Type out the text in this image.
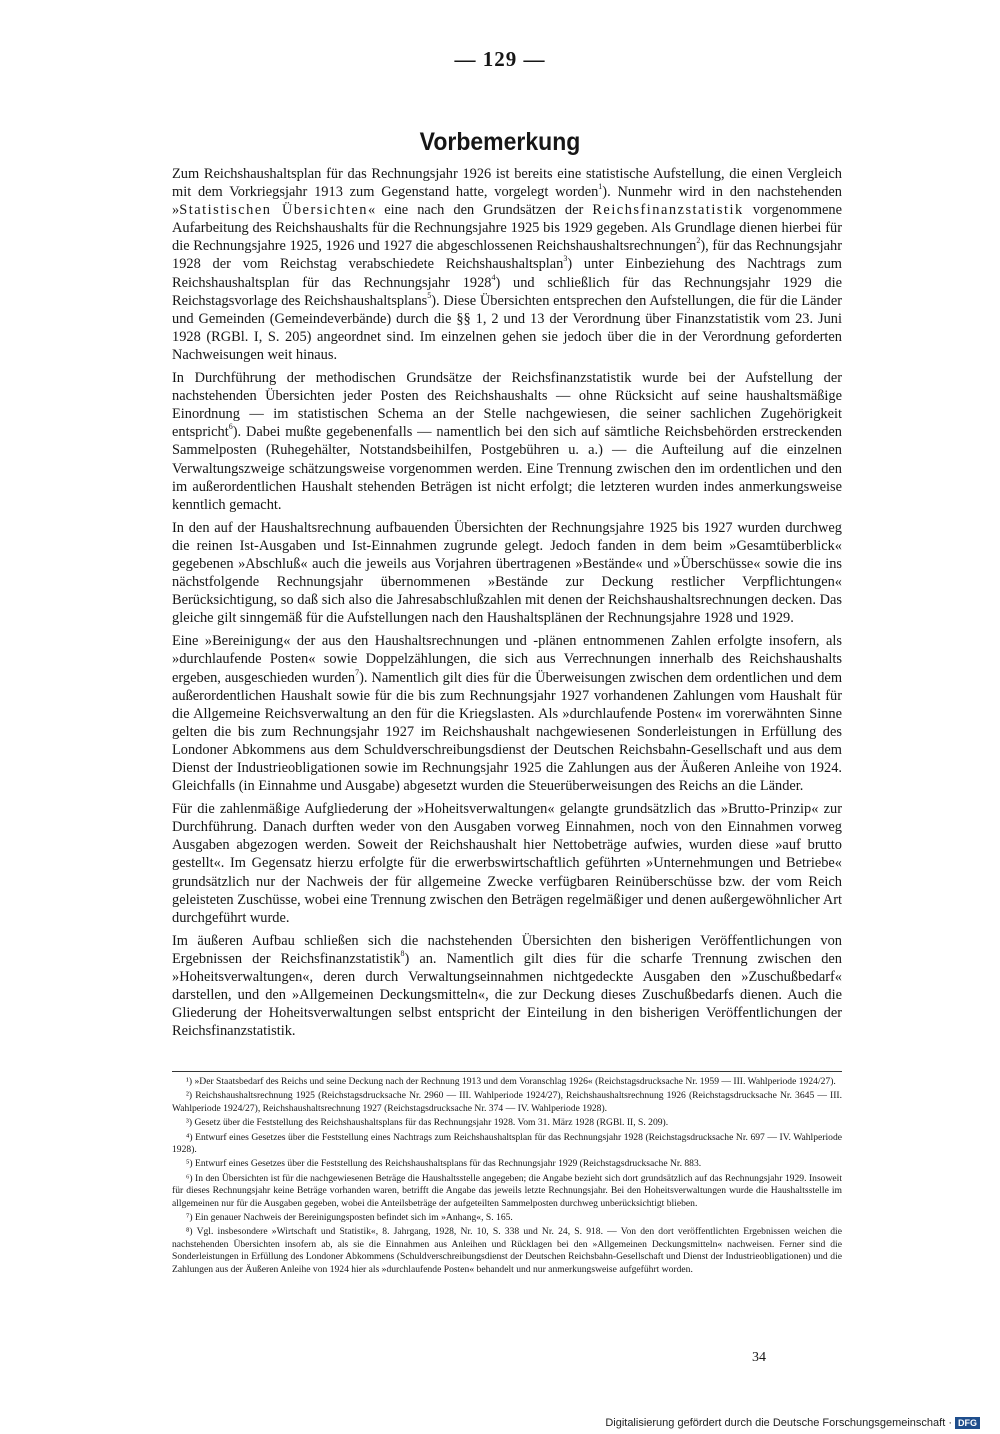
— 129 —
Vorbemerkung

Zum Reichshaushaltsplan für das Rechnungsjahr 1926 ist bereits eine statistische Aufstellung, die einen Vergleich mit dem Vorkriegsjahr 1913 zum Gegenstand hatte, vorgelegt worden$^1$). Nunmehr wird in den nachstehenden »Statistischen Übersichten« eine nach den Grundsätzen der Reichsfinanzstatistik vorgenommene Aufarbeitung des Reichshaushalts für die Rechnungsjahre 1925 bis 1929 gegeben. Als Grundlage dienen hierbei für die Rechnungsjahre 1925, 1926 und 1927 die abgeschlossenen Reichshaushaltsrechnungen$^2$), für das Rechnungsjahr 1928 der vom Reichstag verabschiedete Reichshaushaltsplan$^3$) unter Einbeziehung des Nachtrags zum Reichshaushaltsplan für das Rechnungsjahr 1928$^4$) und schließlich für das Rechnungsjahr 1929 die Reichstagsvorlage des Reichshaushaltsplans$^5$). Diese Übersichten entsprechen den Aufstellungen, die für die Länder und Gemeinden (Gemeindeverbände) durch die §§ 1, 2 und 13 der Verordnung über Finanzstatistik vom 23. Juni 1928 (RGBl. I, S. 205) angeordnet sind. Im einzelnen gehen sie jedoch über die in der Verordnung geforderten Nachweisungen weit hinaus.

In Durchführung der methodischen Grundsätze der Reichsfinanzstatistik wurde bei der Aufstellung der nachstehenden Übersichten jeder Posten des Reichshaushalts — ohne Rücksicht auf seine haushaltsmäßige Einordnung — im statistischen Schema an der Stelle nachgewiesen, die seiner sachlichen Zugehörigkeit entspricht$^6$). Dabei mußte gegebenenfalls — namentlich bei den sich auf sämtliche Reichsbehörden erstreckenden Sammelposten (Ruhegehälter, Notstandsbeihilfen, Postgebühren u. a.) — die Aufteilung auf die einzelnen Verwaltungszweige schätzungsweise vorgenommen werden. Eine Trennung zwischen den im ordentlichen und den im außerordentlichen Haushalt stehenden Beträgen ist nicht erfolgt; die letzteren wurden indes anmerkungsweise kenntlich gemacht.

In den auf der Haushaltsrechnung aufbauenden Übersichten der Rechnungsjahre 1925 bis 1927 wurden durchweg die reinen Ist-Ausgaben und Ist-Einnahmen zugrunde gelegt. Jedoch fanden in dem beim »Gesamtüberblick« gegebenen »Abschluß« auch die jeweils aus Vorjahren übertragenen »Bestände« und »Überschüsse« sowie die ins nächstfolgende Rechnungsjahr übernommenen »Bestände zur Deckung restlicher Verpflichtungen« Berücksichtigung, so daß sich also die Jahresabschlußzahlen mit denen der Reichshaushaltsrechnungen decken. Das gleiche gilt sinngemäß für die Aufstellungen nach den Haushaltsplänen der Rechnungsjahre 1928 und 1929.

Eine »Bereinigung« der aus den Haushaltsrechnungen und -plänen entnommenen Zahlen erfolgte insofern, als »durchlaufende Posten« sowie Doppelzählungen, die sich aus Verrechnungen innerhalb des Reichshaushalts ergeben, ausgeschieden wurden$^7$). Namentlich gilt dies für die Überweisungen zwischen dem ordentlichen und dem außerordentlichen Haushalt sowie für die bis zum Rechnungsjahr 1927 vorhandenen Zahlungen vom Haushalt für die Allgemeine Reichsverwaltung an den für die Kriegslasten. Als »durchlaufende Posten« im vorerwähnten Sinne gelten die bis zum Rechnungsjahr 1927 im Reichshaushalt nachgewiesenen Sonderleistungen in Erfüllung des Londoner Abkommens aus dem Schuldverschreibungsdienst der Deutschen Reichsbahn-Gesellschaft und aus dem Dienst der Industrieobligationen sowie im Rechnungsjahr 1925 die Zahlungen aus der Äußeren Anleihe von 1924. Gleichfalls (in Einnahme und Ausgabe) abgesetzt wurden die Steuerüberweisungen des Reichs an die Länder.

Für die zahlenmäßige Aufgliederung der »Hoheitsverwaltungen« gelangte grundsätzlich das »Brutto-Prinzip« zur Durchführung. Danach durften weder von den Ausgaben vorweg Einnahmen, noch von den Einnahmen vorweg Ausgaben abgezogen werden. Soweit der Reichshaushalt hier Nettobeträge aufwies, wurden diese »auf brutto gestellt«. Im Gegensatz hierzu erfolgte für die erwerbswirtschaftlich geführten »Unternehmungen und Betriebe« grundsätzlich nur der Nachweis der für allgemeine Zwecke verfügbaren Reinüberschüsse bzw. der vom Reich geleisteten Zuschüsse, wobei eine Trennung zwischen den Beträgen regelmäßiger und denen außergewöhnlicher Art durchgeführt wurde.

Im äußeren Aufbau schließen sich die nachstehenden Übersichten den bisherigen Veröffentlichungen von Ergebnissen der Reichsfinanzstatistik$^8$) an. Namentlich gilt dies für die scharfe Trennung zwischen den »Hoheitsverwaltungen«, deren durch Verwaltungseinnahmen nichtgedeckte Ausgaben den »Zuschußbedarf« darstellen, und den »Allgemeinen Deckungsmitteln«, die zur Deckung dieses Zuschußbedarfs dienen. Auch die Gliederung der Hoheitsverwaltungen selbst entspricht der Einteilung in den bisherigen Veröffentlichungen der Reichsfinanzstatistik.

¹) »Der Staatsbedarf des Reichs und seine Deckung nach der Rechnung 1913 und dem Voranschlag 1926« (Reichstagsdrucksache Nr. 1959 — III. Wahlperiode 1924/27).

²) Reichshaushaltsrechnung 1925 (Reichstagsdrucksache Nr. 2960 — III. Wahlperiode 1924/27), Reichshaushaltsrechnung 1926 (Reichstagsdrucksache Nr. 3645 — III. Wahlperiode 1924/27), Reichshaushaltsrechnung 1927 (Reichstagsdrucksache Nr. 374 — IV. Wahlperiode 1928).

³) Gesetz über die Feststellung des Reichshaushaltsplans für das Rechnungsjahr 1928. Vom 31. März 1928 (RGBl. II, S. 209).

⁴) Entwurf eines Gesetzes über die Feststellung eines Nachtrags zum Reichshaushaltsplan für das Rechnungsjahr 1928 (Reichstagsdrucksache Nr. 697 — IV. Wahlperiode 1928).

⁵) Entwurf eines Gesetzes über die Feststellung des Reichshaushaltsplans für das Rechnungsjahr 1929 (Reichstagsdrucksache Nr. 883.

⁶) In den Übersichten ist für die nachgewiesenen Beträge die Haushaltsstelle angegeben; die Angabe bezieht sich dort grundsätzlich auf das Rechnungsjahr 1929. Insoweit für dieses Rechnungsjahr keine Beträge vorhanden waren, betrifft die Angabe das jeweils letzte Rechnungsjahr. Bei den Hoheitsverwaltungen wurde die Haushaltsstelle im allgemeinen nur für die Ausgaben gegeben, wobei die Anteilsbeträge der aufgeteilten Sammelposten durchweg unberücksichtigt blieben.

⁷) Ein genauer Nachweis der Bereinigungsposten befindet sich im »Anhang«, S. 165.

⁸) Vgl. insbesondere »Wirtschaft und Statistik«, 8. Jahrgang, 1928, Nr. 10, S. 338 und Nr. 24, S. 918. — Von den dort veröffentlichten Ergebnissen weichen die nachstehenden Übersichten insofern ab, als sie die Einnahmen aus Anleihen und Rücklagen bei den »Allgemeinen Deckungsmitteln« nachweisen. Ferner sind die Sonderleistungen in Erfüllung des Londoner Abkommens (Schuldverschreibungsdienst der Deutschen Reichsbahn-Gesellschaft und Dienst der Industrieobligationen) und die Zahlungen aus der Äußeren Anleihe von 1924 hier als »durchlaufende Posten« behandelt und nur anmerkungsweise aufgeführt worden.

34
Digitalisierung gefördert durch die Deutsche Forschungsgemeinschaft · DFG
